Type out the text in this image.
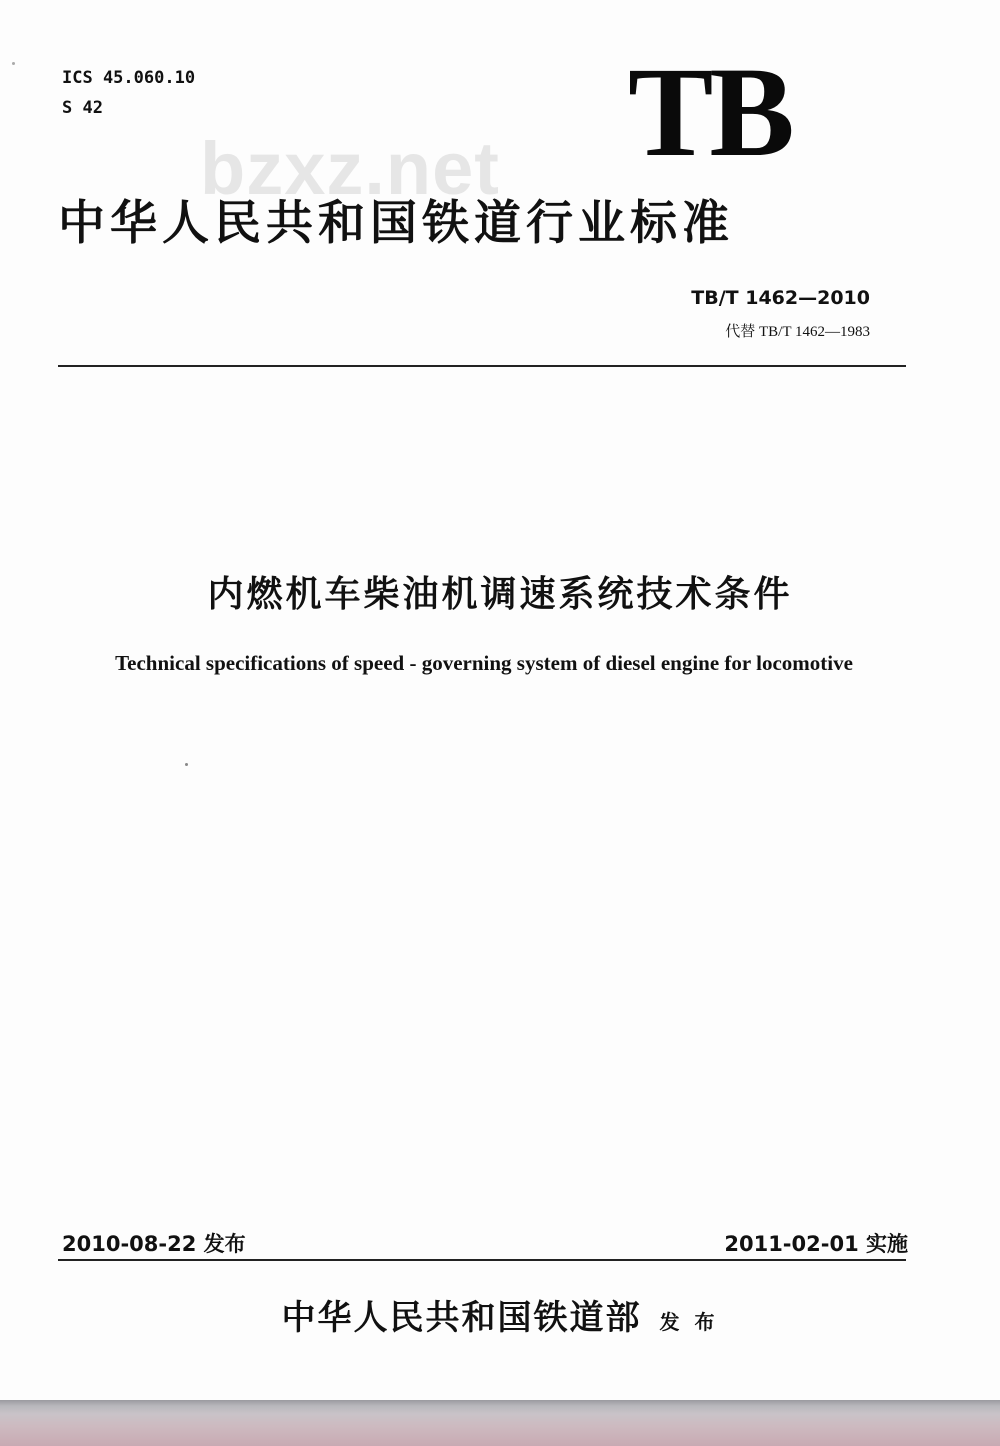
ICS 45.060.10
S 42	TB
bzxz.net
中华人民共和国铁道行业标准
TB/T 1462—2010
代替 TB/T 1462—1983
内燃机车柴油机调速系统技术条件
Technical specifications of speed - governing system of diesel engine for locomotive
2010-08-22 发布	2011-02-01 实施
中华人民共和国铁道部 发 布
